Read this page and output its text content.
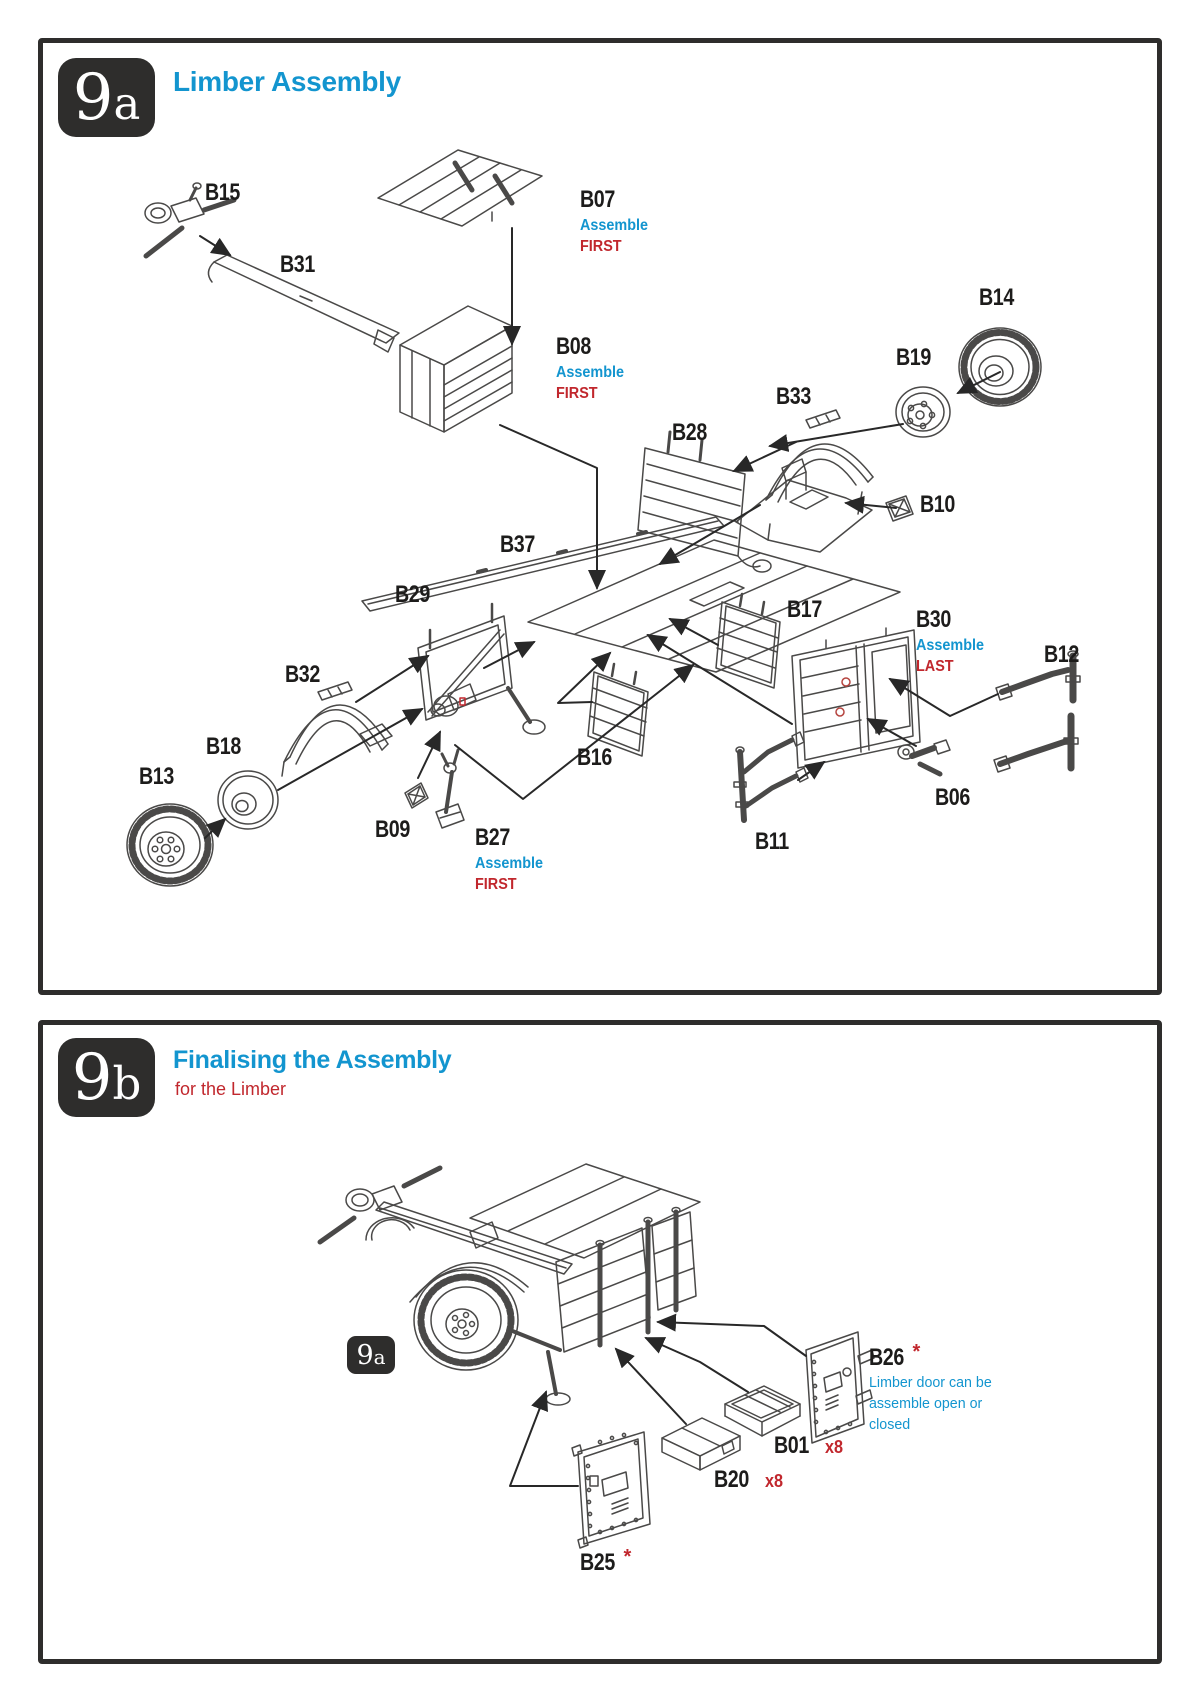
9 a Limber Assembly
9 b Finalising the Assembly
for the Limber
9 a
B15
B31
B07
Assemble
FIRST
B08
Assemble
FIRST
B14
B19
B33
B28
B10
B37
B29
B17	B30
Assemble
LAST	B12
B32
B18
B13
B16
B09	B27
Assemble
FIRST
B11
B06
B26 *
Limber door can be
assemble open or
closed
B01 x8
B20 x8
B25 *
